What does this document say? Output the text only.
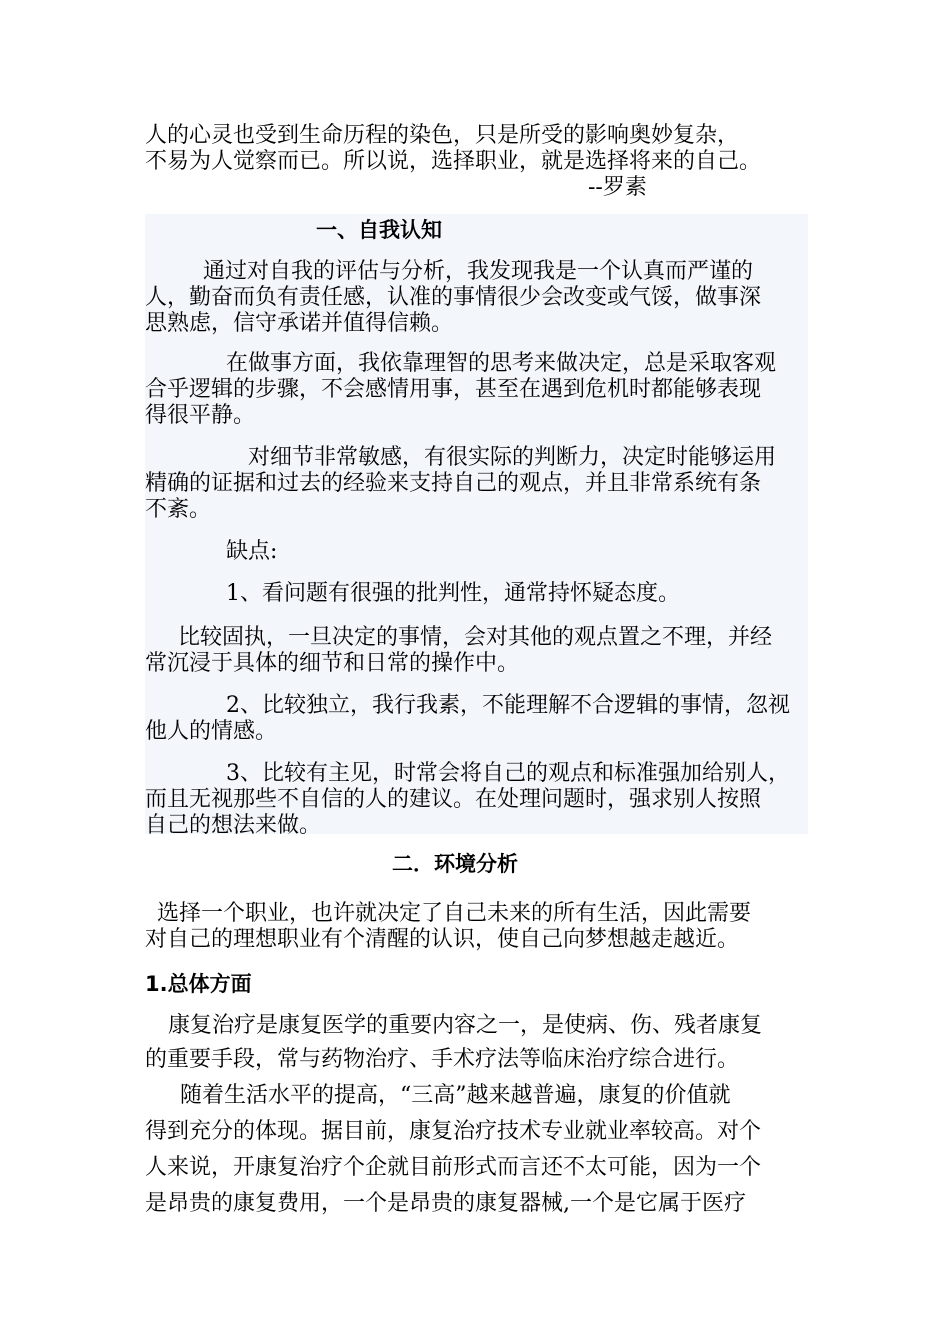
人的心灵也受到生命历程的染色，只是所受的影响奥妙复杂，
不易为人觉察而已。所以说，选择职业，就是选择将来的自己。
--罗素
一、自我认知
通过对自我的评估与分析，我发现我是一个认真而严谨的
人，勤奋而负有责任感，认准的事情很少会改变或气馁，做事深
思熟虑，信守承诺并值得信赖。
在做事方面，我依靠理智的思考来做决定，总是采取客观
合乎逻辑的步骤，不会感情用事，甚至在遇到危机时都能够表现
得很平静。
对细节非常敏感，有很实际的判断力，决定时能够运用
精确的证据和过去的经验来支持自己的观点，并且非常系统有条
不紊。
缺点:
1、看问题有很强的批判性，通常持怀疑态度。
比较固执，一旦决定的事情，会对其他的观点置之不理，并经
常沉浸于具体的细节和日常的操作中。
2、比较独立，我行我素，不能理解不合逻辑的事情，忽视
他人的情感。
3、比较有主见，时常会将自己的观点和标准强加给别人，
而且无视那些不自信的人的建议。在处理问题时，强求别人按照
自己的想法来做。
二．环境分析
选择一个职业，也许就决定了自己未来的所有生活，因此需要
对自己的理想职业有个清醒的认识，使自己向梦想越走越近。
1.总体方面
康复治疗是康复医学的重要内容之一，是使病、伤、残者康复
的重要手段，常与药物治疗、手术疗法等临床治疗综合进行。
随着生活水平的提高，“三高”越来越普遍，康复的价值就
得到充分的体现。据目前，康复治疗技术专业就业率较高。对个
人来说，开康复治疗个企就目前形式而言还不太可能，因为一个
是昂贵的康复费用，一个是昂贵的康复器械,一个是它属于医疗
